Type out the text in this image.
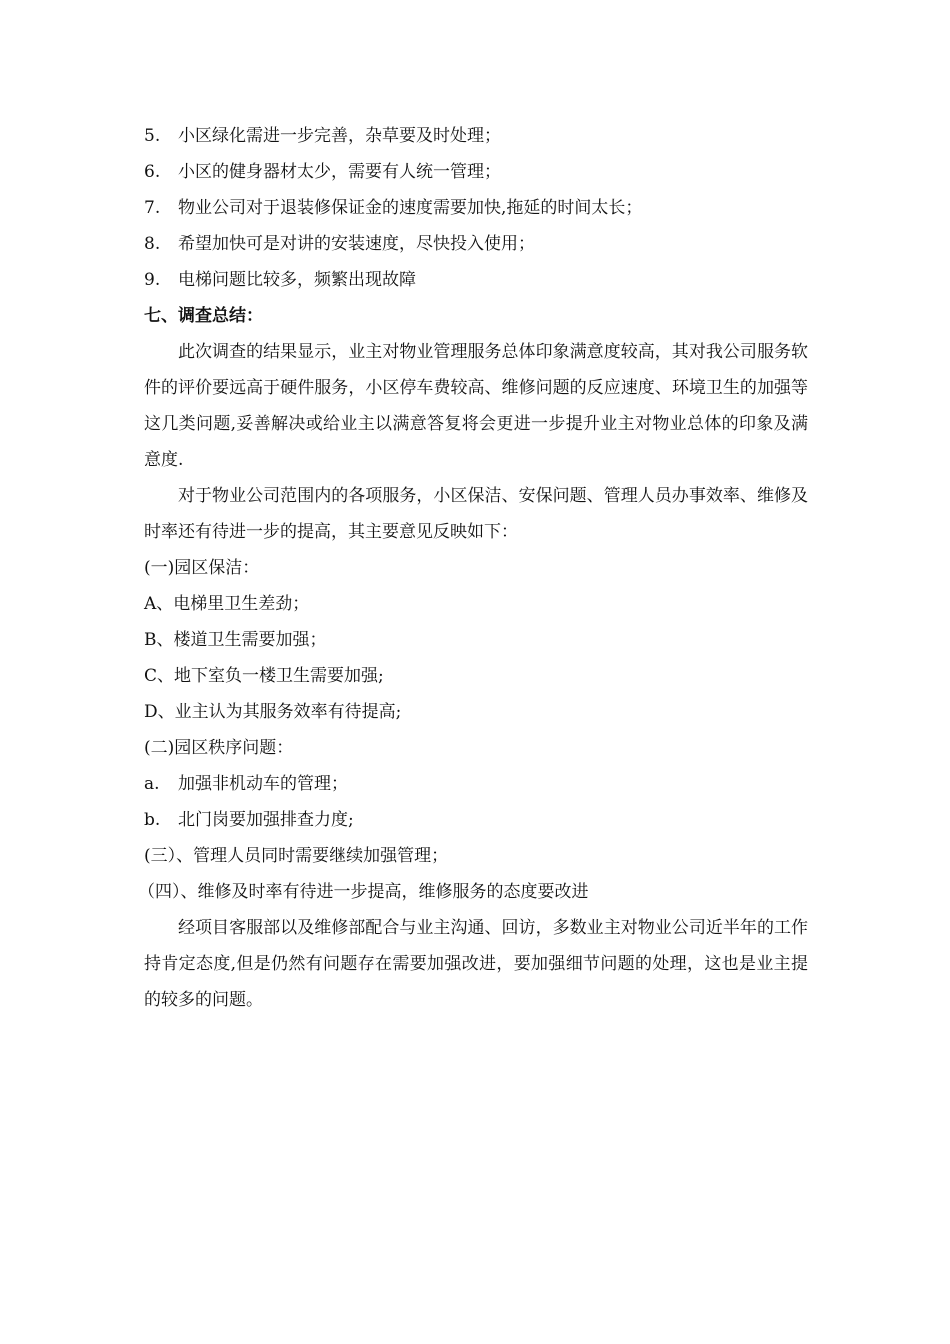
5.	小区绿化需进一步完善，杂草要及时处理；
6.	小区的健身器材太少，需要有人统一管理；
7.	物业公司对于退装修保证金的速度需要加快,拖延的时间太长；
8.	希望加快可是对讲的安装速度，尽快投入使用；
9.	电梯问题比较多，频繁出现故障
七、调查总结：

此次调查的结果显示，业主对物业管理服务总体印象满意度较高，其对我公司服务软件的评价要远高于硬件服务，小区停车费较高、维修问题的反应速度、环境卫生的加强等这几类问题,妥善解决或给业主以满意答复将会更进一步提升业主对物业总体的印象及满意度.

对于物业公司范围内的各项服务，小区保洁、安保问题、管理人员办事效率、维修及时率还有待进一步的提高，其主要意见反映如下：

(一)园区保洁：
A、电梯里卫生差劲；
B、楼道卫生需要加强；
C、地下室负一楼卫生需要加强;
D、业主认为其服务效率有待提高;
(二)园区秩序问题：
a.	加强非机动车的管理；
b.	北门岗要加强排查力度;
(三）、管理人员同时需要继续加强管理；
（四）、维修及时率有待进一步提高，维修服务的态度要改进

经项目客服部以及维修部配合与业主沟通、回访，多数业主对物业公司近半年的工作持肯定态度,但是仍然有问题存在需要加强改进，要加强细节问题的处理，这也是业主提的较多的问题。
